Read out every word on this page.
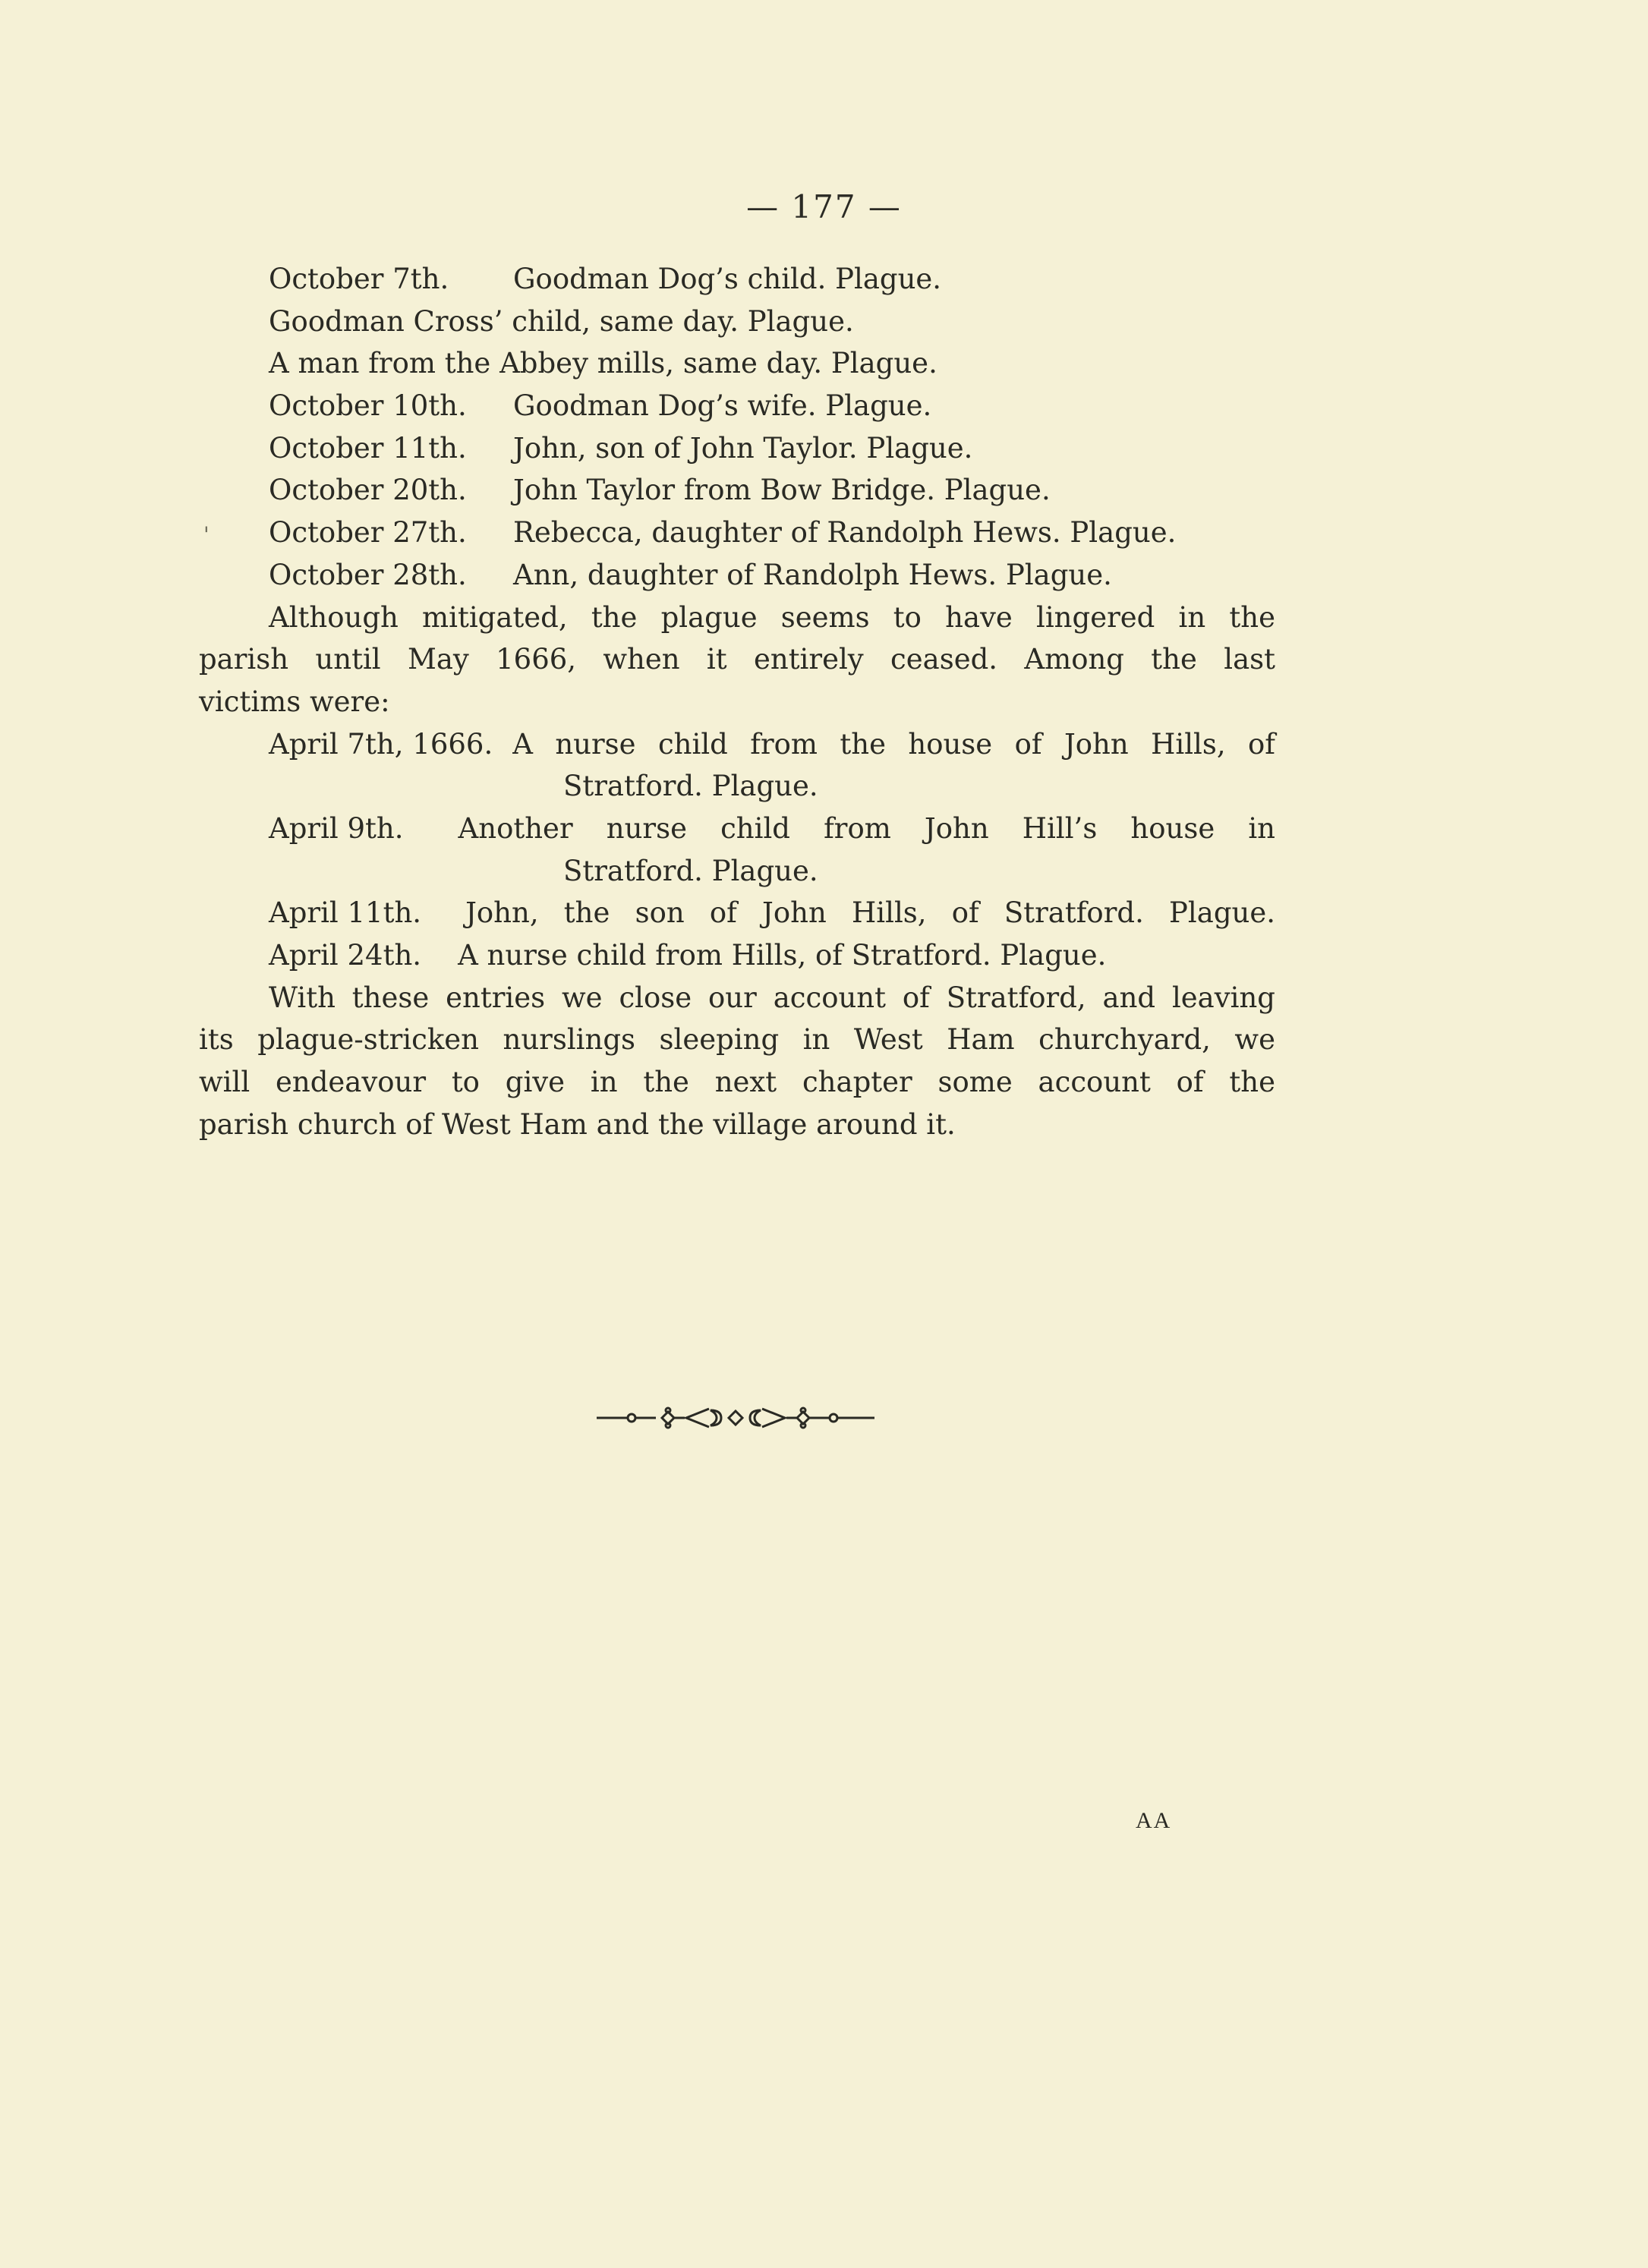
— 177 —
'
October 7th.	Goodman Dog’s child. Plague.
Goodman Cross’ child, same day. Plague.
A man from the Abbey mills, same day. Plague.
October 10th.	Goodman Dog’s wife. Plague.
October 11th.	John, son of John Taylor. Plague.
October 20th.	John Taylor from Bow Bridge. Plague.
October 27th.	Rebecca, daughter of Randolph Hews. Plague.
October 28th.	Ann, daughter of Randolph Hews. Plague.
Although mitigated, the plague seems to have lingered in the
parish until May 1666, when it entirely ceased. Among the last
victims were:
April 7th, 1666. A nurse child from the house of John Hills, of
Stratford. Plague.
April 9th. Another nurse child from John Hill’s house in
Stratford. Plague.
April 11th. John, the son of John Hills, of Stratford. Plague.
April 24th. A nurse child from Hills, of Stratford. Plague.
With these entries we close our account of Stratford, and leaving
its plague-stricken nurslings sleeping in West Ham churchyard, we
will endeavour to give in the next chapter some account of the
parish church of West Ham and the village around it.
AA
